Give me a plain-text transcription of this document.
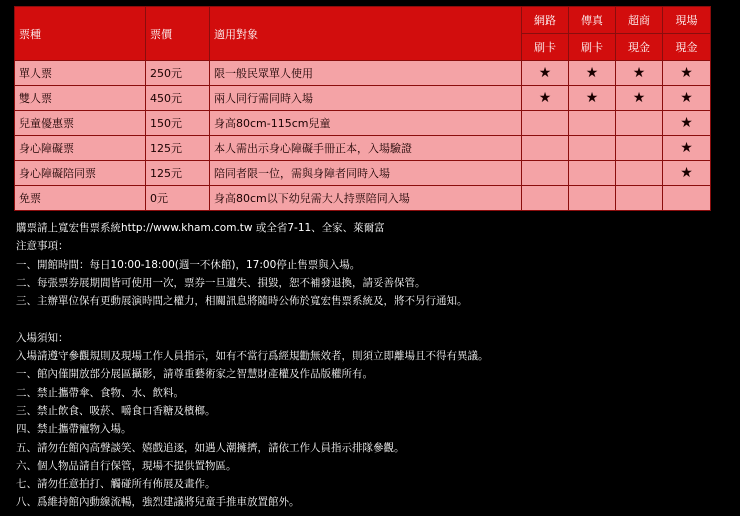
票種	票價	適用對象	網路	傳真	超商	現場
			刷卡	刷卡	現金	現金
單人票	250元	限一般民眾單人使用	★	★	★	★
雙人票	450元	兩人同行需同時入場	★	★	★	★
兒童優惠票	150元	身高80cm-115cm兒童				★
身心障礙票	125元	本人需出示身心障礙手冊正本，入場驗證				★
身心障礙陪同票	125元	陪同者限一位，需與身障者同時入場				★
免票	0元	身高80cm以下幼兒需大人持票陪同入場				
購票請上寬宏售票系統http://www.kham.com.tw 或全省7-11、全家、萊爾富
注意事項：
一、開館時間：每日10:00-18:00(週一不休館)，17:00停止售票與入場。
二、每張票券展期間皆可使用一次，票券一旦遺失、損毀，恕不補發退換，請妥善保管。
三、主辦單位保有更動展演時間之權力，相關訊息將隨時公佈於寬宏售票系統及，將不另行通知。
入場須知：
入場請遵守參觀規則及現場工作人員指示，如有不當行爲經規勸無效者，則須立即離場且不得有異議。
一、館內僅開放部分展區攝影，請尊重藝術家之智慧財產權及作品版權所有。
二、禁止攜帶傘、食物、水、飲料。
三、禁止飲食、吸菸、嚼食口香糖及檳榔。
四、禁止攜帶寵物入場。
五、請勿在館內高聲談笑、嬉戲追逐，如遇人潮擁擠，請依工作人員指示排隊參觀。
六、個人物品請自行保管，現場不提供置物區。
七、請勿任意拍打、觸碰所有佈展及畫作。
八、爲維持館內動線流暢，強烈建議將兒童手推車放置館外。
